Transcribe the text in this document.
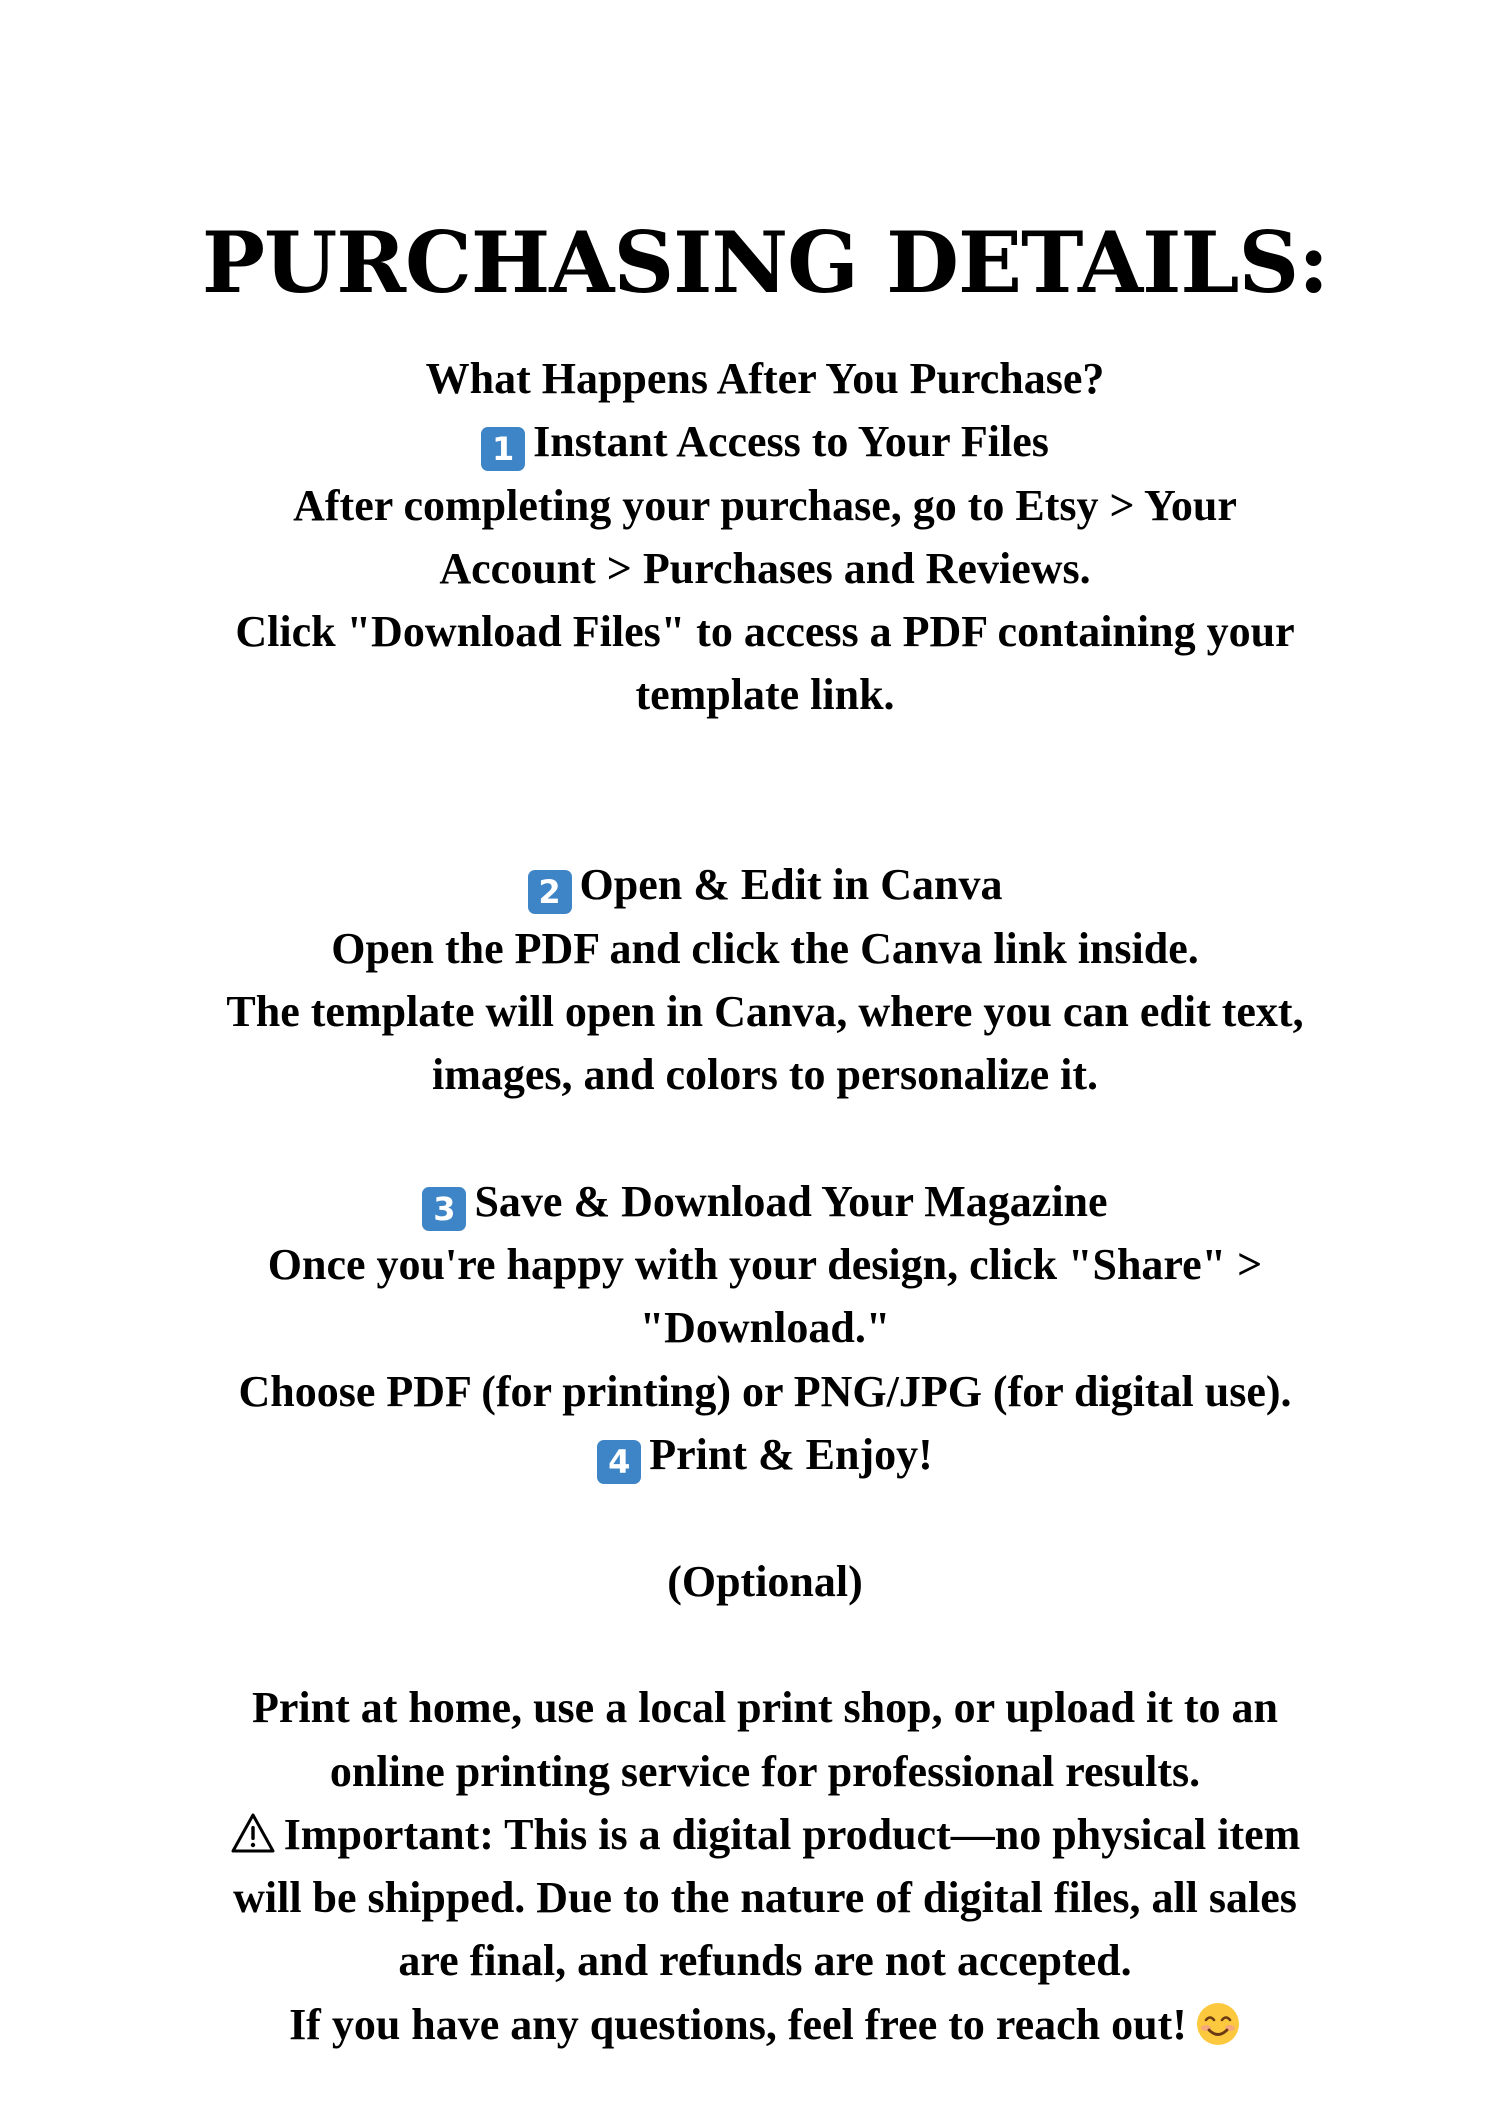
PURCHASING DETAILS:
What Happens After You Purchase?
1 Instant Access to Your Files
After completing your purchase, go to Etsy > Your
Account > Purchases and Reviews.
Click "Download Files" to access a PDF containing your
template link.
2 Open & Edit in Canva
Open the PDF and click the Canva link inside.
The template will open in Canva, where you can edit text,
images, and colors to personalize it.
3 Save & Download Your Magazine
Once you're happy with your design, click "Share" >
"Download."
Choose PDF (for printing) or PNG/JPG (for digital use).
4 Print & Enjoy!
(Optional)
Print at home, use a local print shop, or upload it to an
online printing service for professional results.
Important: This is a digital product—no physical item
will be shipped. Due to the nature of digital files, all sales
are final, and refunds are not accepted.
If you have any questions, feel free to reach out!
